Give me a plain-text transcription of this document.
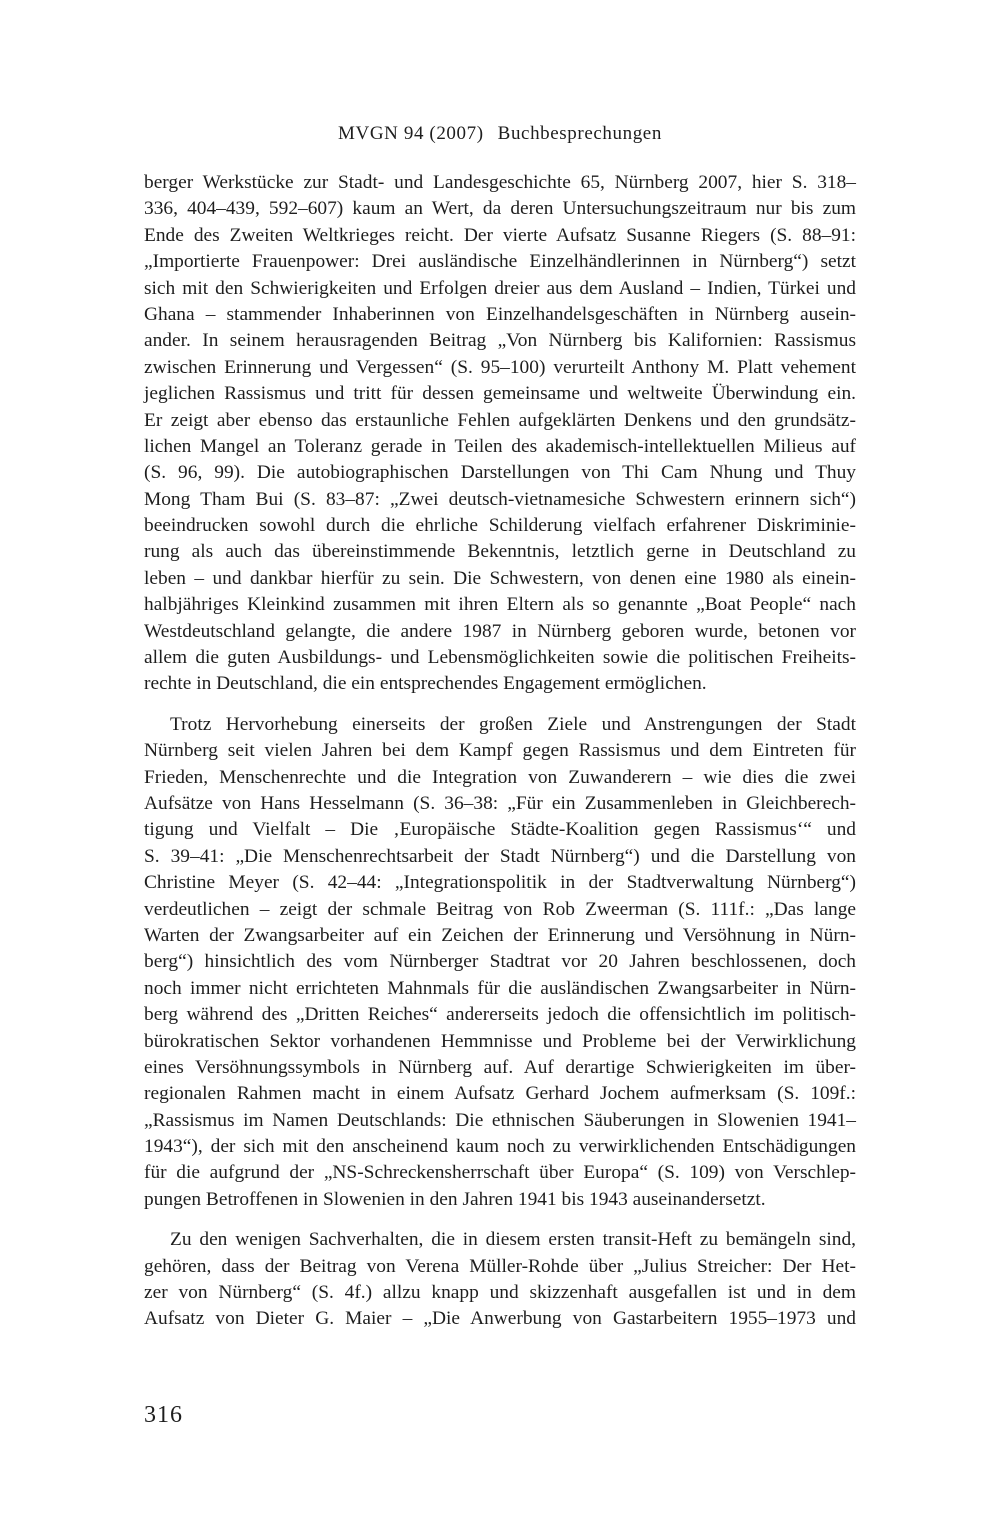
MVGN 94 (2007) Buchbesprechungen
berger Werkstücke zur Stadt- und Landesgeschichte 65, Nürnberg 2007, hier S. 318–
336, 404–439, 592–607) kaum an Wert, da deren Untersuchungszeitraum nur bis zum
Ende des Zweiten Weltkrieges reicht. Der vierte Aufsatz Susanne Riegers (S. 88–91:
„Importierte Frauenpower: Drei ausländische Einzelhändlerinnen in Nürnberg“) setzt
sich mit den Schwierigkeiten und Erfolgen dreier aus dem Ausland – Indien, Türkei und
Ghana – stammender Inhaberinnen von Einzelhandelsgeschäften in Nürnberg ausein-
ander. In seinem herausragenden Beitrag „Von Nürnberg bis Kalifornien: Rassismus
zwischen Erinnerung und Vergessen“ (S. 95–100) verurteilt Anthony M. Platt vehement
jeglichen Rassismus und tritt für dessen gemeinsame und weltweite Überwindung ein.
Er zeigt aber ebenso das erstaunliche Fehlen aufgeklärten Denkens und den grundsätz-
lichen Mangel an Toleranz gerade in Teilen des akademisch-intellektuellen Milieus auf
(S. 96, 99). Die autobiographischen Darstellungen von Thi Cam Nhung und Thuy
Mong Tham Bui (S. 83–87: „Zwei deutsch-vietnamesiche Schwestern erinnern sich“)
beeindrucken sowohl durch die ehrliche Schilderung vielfach erfahrener Diskriminie-
rung als auch das übereinstimmende Bekenntnis, letztlich gerne in Deutschland zu
leben – und dankbar hierfür zu sein. Die Schwestern, von denen eine 1980 als einein-
halbjähriges Kleinkind zusammen mit ihren Eltern als so genannte „Boat People“ nach
Westdeutschland gelangte, die andere 1987 in Nürnberg geboren wurde, betonen vor
allem die guten Ausbildungs- und Lebensmöglichkeiten sowie die politischen Freiheits-
rechte in Deutschland, die ein entsprechendes Engagement ermöglichen.
Trotz Hervorhebung einerseits der großen Ziele und Anstrengungen der Stadt
Nürnberg seit vielen Jahren bei dem Kampf gegen Rassismus und dem Eintreten für
Frieden, Menschenrechte und die Integration von Zuwanderern – wie dies die zwei
Aufsätze von Hans Hesselmann (S. 36–38: „Für ein Zusammenleben in Gleichberech-
tigung und Vielfalt – Die ‚Europäische Städte-Koalition gegen Rassismus‘“ und
S. 39–41: „Die Menschenrechtsarbeit der Stadt Nürnberg“) und die Darstellung von
Christine Meyer (S. 42–44: „Integrationspolitik in der Stadtverwaltung Nürnberg“)
verdeutlichen – zeigt der schmale Beitrag von Rob Zweerman (S. 111f.: „Das lange
Warten der Zwangsarbeiter auf ein Zeichen der Erinnerung und Versöhnung in Nürn-
berg“) hinsichtlich des vom Nürnberger Stadtrat vor 20 Jahren beschlossenen, doch
noch immer nicht errichteten Mahnmals für die ausländischen Zwangsarbeiter in Nürn-
berg während des „Dritten Reiches“ andererseits jedoch die offensichtlich im politisch-
bürokratischen Sektor vorhandenen Hemmnisse und Probleme bei der Verwirklichung
eines Versöhnungssymbols in Nürnberg auf. Auf derartige Schwierigkeiten im über-
regionalen Rahmen macht in einem Aufsatz Gerhard Jochem aufmerksam (S. 109f.:
„Rassismus im Namen Deutschlands: Die ethnischen Säuberungen in Slowenien 1941–
1943“), der sich mit den anscheinend kaum noch zu verwirklichenden Entschädigungen
für die aufgrund der „NS-Schreckensherrschaft über Europa“ (S. 109) von Verschlep-
pungen Betroffenen in Slowenien in den Jahren 1941 bis 1943 auseinandersetzt.
Zu den wenigen Sachverhalten, die in diesem ersten transit-Heft zu bemängeln sind,
gehören, dass der Beitrag von Verena Müller-Rohde über „Julius Streicher: Der Het-
zer von Nürnberg“ (S. 4f.) allzu knapp und skizzenhaft ausgefallen ist und in dem
Aufsatz von Dieter G. Maier – „Die Anwerbung von Gastarbeitern 1955–1973 und
316
